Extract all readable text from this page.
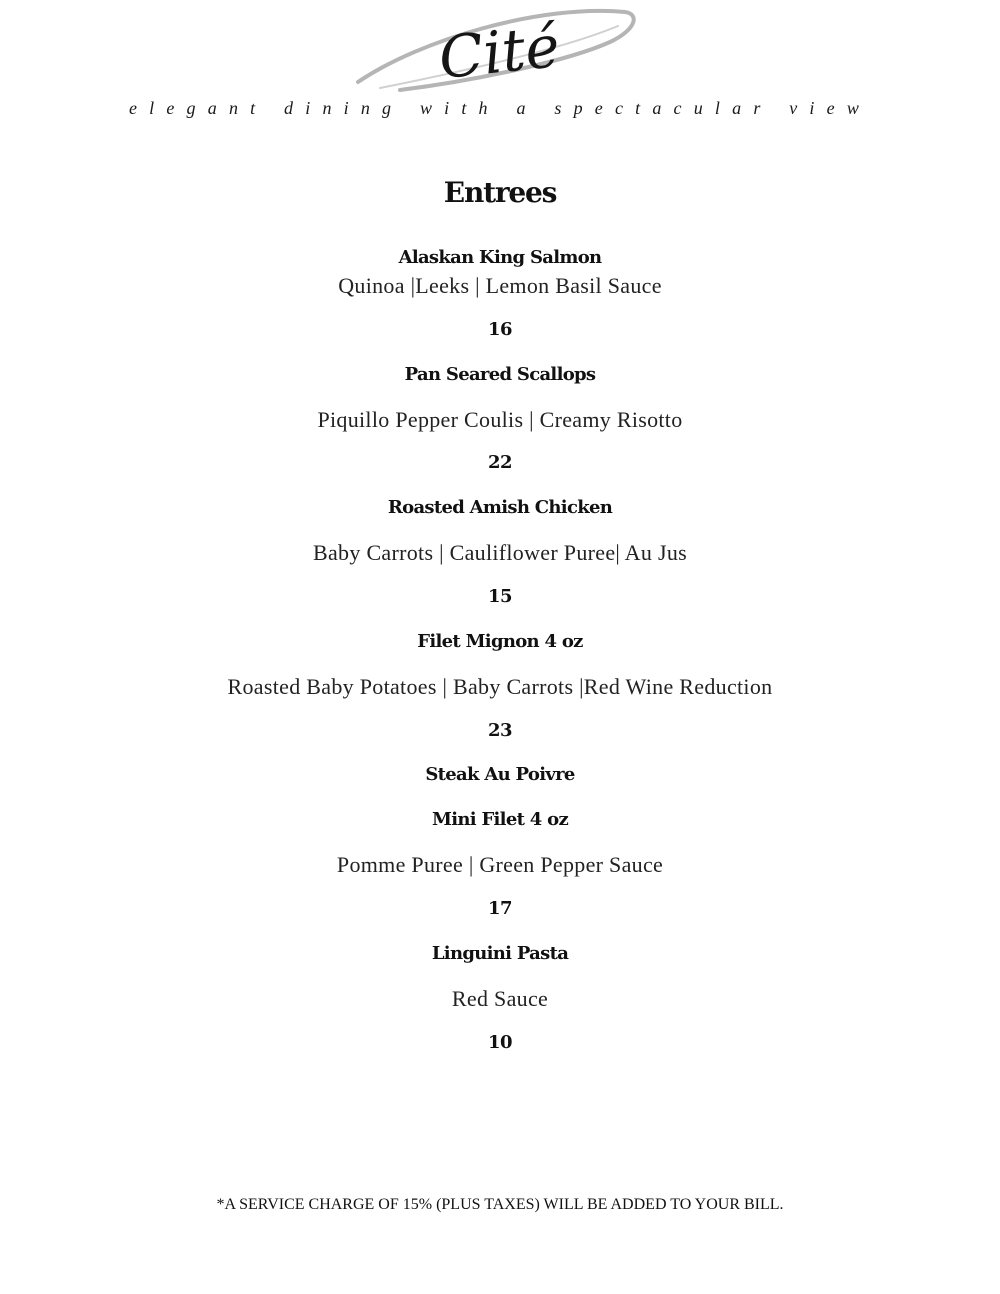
Cité
elegant dining with a spectacular view
Entrees
Alaskan King Salmon
Quinoa |Leeks | Lemon Basil Sauce
16
Pan Seared Scallops
Piquillo Pepper Coulis | Creamy Risotto
22
Roasted Amish Chicken
Baby Carrots | Cauliflower Puree| Au Jus
15
Filet Mignon 4 oz
Roasted Baby Potatoes | Baby Carrots |Red Wine Reduction
23
Steak Au Poivre
Mini Filet 4 oz
Pomme Puree | Green Pepper Sauce
17
Linguini Pasta
Red Sauce
10
*A SERVICE CHARGE OF 15% (PLUS TAXES) WILL BE ADDED TO YOUR BILL.
